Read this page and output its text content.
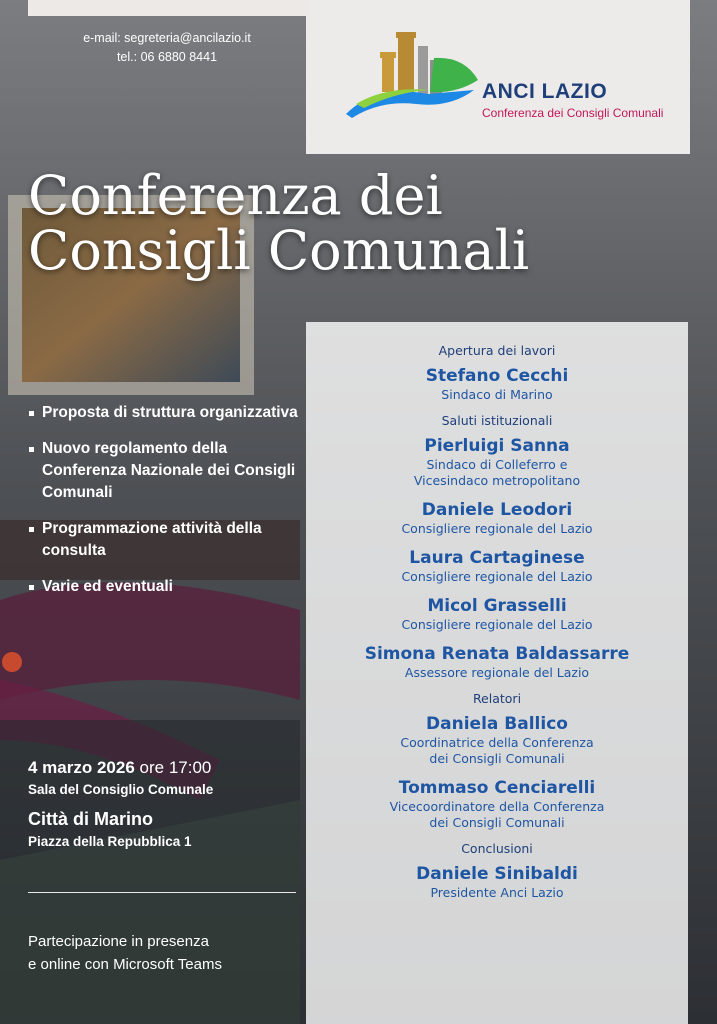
e-mail: segreteria@ancilazio.it
tel.: 06 6880 8441
ANCI LAZIO
Conferenza dei Consigli Comunali
Conferenza dei
Consigli Comunali
Proposta di struttura organizzativa
Nuovo regolamento della Conferenza Nazionale dei Consigli Comunali
Programmazione attività della consulta
Varie ed eventuali
4 marzo 2026 ore 17:00
Sala del Consiglio Comunale
Città di Marino
Piazza della Repubblica 1
Partecipazione in presenza
e online con Microsoft Teams
Apertura dei lavori
Stefano Cecchi
Sindaco di Marino
Saluti istituzionali
Pierluigi Sanna
Sindaco di Colleferro e
Vicesindaco metropolitano
Daniele Leodori
Consigliere regionale del Lazio
Laura Cartaginese
Consigliere regionale del Lazio
Micol Grasselli
Consigliere regionale del Lazio
Simona Renata Baldassarre
Assessore regionale del Lazio
Relatori
Daniela Ballico
Coordinatrice della Conferenza
dei Consigli Comunali
Tommaso Cenciarelli
Vicecoordinatore della Conferenza
dei Consigli Comunali
Conclusioni
Daniele Sinibaldi
Presidente Anci Lazio
